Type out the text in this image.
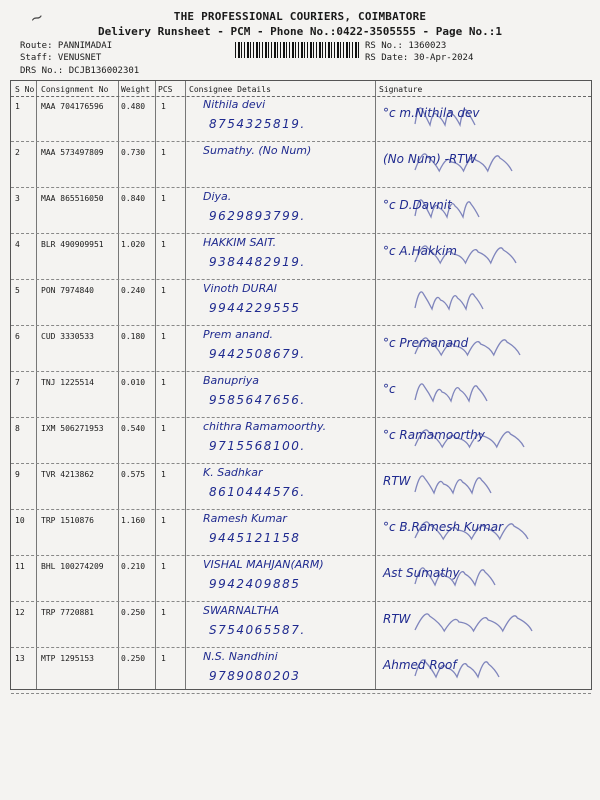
~	THE PROFESSIONAL COURIERS, COIMBATORE
Delivery Runsheet - PCM - Phone No.:0422-3505555 - Page No.:1
Route: PANNIMADAI
Staff: VENUSNET
DRS No.: DCJB136002301
RS No.: 1360023
RS Date: 30-Apr-2024
S No Consignment No Weight PCS Consignee Details	Signature
1	MAA 704176596 0.480 1	Nithila devi
8754325819.
°c m.Nithila dev
2	MAA 573497809 0.730 1	Sumathy. (No Num)
(No Num) -RTW
3	MAA 865516050 0.840 1	Diya.
9629893799.
°c D.Davnit
4	BLR 490909951 1.020 1	HAKKIM SAIT.
9384482919.
°c A.Hakkim
5	PON 7974840	0.240 1	Vinoth DURAI
9944229555
6	CUD 3330533	0.180 1	Prem anand.
9442508679.
°c Premanand
7	TNJ 1225514	0.010 1	Banupriya
9585647656.
°c
8	IXM 506271953 0.540 1	chithra Ramamoorthy.
9715568100.
°c Ramamoorthy
9	TVR 4213862	0.575 1	K. Sadhkar
8610444576.
RTW
10 TRP 1510876	1.160 1	Ramesh Kumar
9445121158
°c B.Ramesh Kumar
11 BHL 100274209 0.210 1	VISHAL MAHJAN(ARM)
9942409885
Ast Sumathy
12 TRP 7720881	0.250 1	SWARNALTHA
S754065587.
RTW
13 MTP 1295153	0.250 1	N.S. Nandhini
9789080203
Ahmed Roof
